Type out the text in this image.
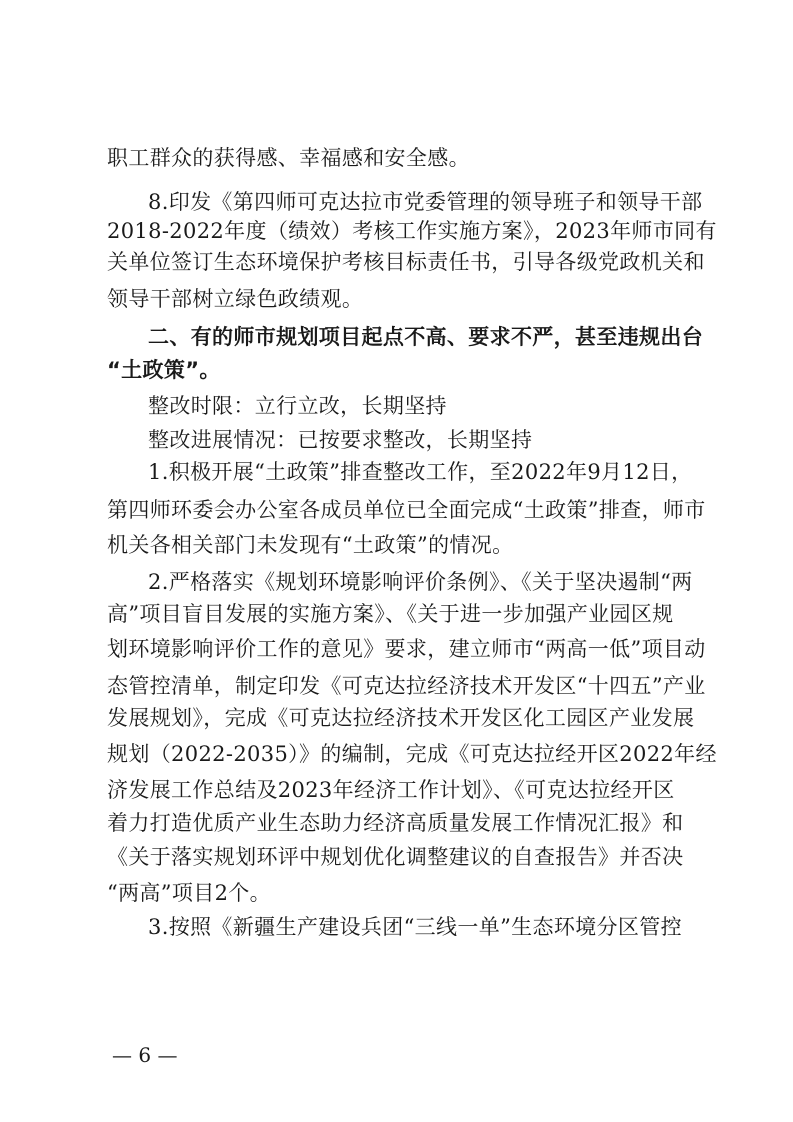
职工群众的获得感、幸福感和安全感。

8.印发《第四师可克达拉市党委管理的领导班子和领导干部

2018-2022年度（绩效）考核工作实施方案》，2023年师市同有

关单位签订生态环境保护考核目标责任书，引导各级党政机关和

领导干部树立绿色政绩观。

二、有的师市规划项目起点不高、要求不严，甚至违规出台

“土政策”。

整改时限：立行立改，长期坚持

整改进展情况：已按要求整改，长期坚持

1.积极开展“土政策”排查整改工作，至2022年9月12日，

第四师环委会办公室各成员单位已全面完成“土政策”排查，师市

机关各相关部门未发现有“土政策”的情况。

2.严格落实《规划环境影响评价条例》、《关于坚决遏制“两

高”项目盲目发展的实施方案》、《关于进一步加强产业园区规

划环境影响评价工作的意见》要求，建立师市“两高一低”项目动

态管控清单，制定印发《可克达拉经济技术开发区“十四五”产业

发展规划》，完成《可克达拉经济技术开发区化工园区产业发展

规划（2022-2035）》的编制，完成《可克达拉经开区2022年经

济发展工作总结及2023年经济工作计划》、《可克达拉经开区

着力打造优质产业生态助力经济高质量发展工作情况汇报》和

《关于落实规划环评中规划优化调整建议的自查报告》并否决

“两高”项目2个。

3.按照《新疆生产建设兵团“三线一单”生态环境分区管控

— 6 —
